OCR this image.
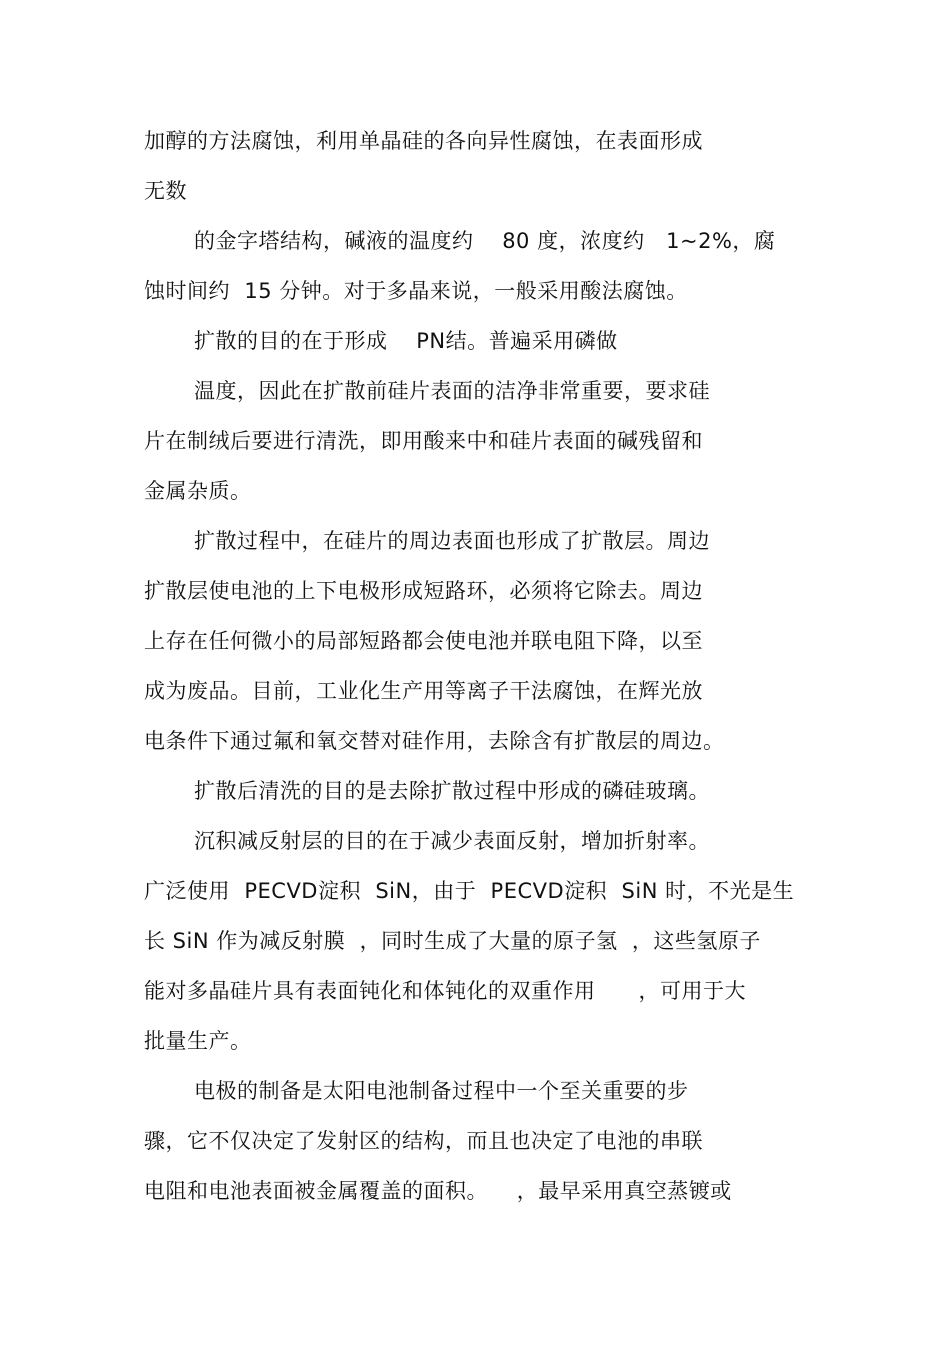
加醇的方法腐蚀，利用单晶硅的各向异性腐蚀，在表面形成

无数

的金字塔结构，碱液的温度约    80 度，浓度约   1~2%，腐

蚀时间约  15 分钟。对于多晶来说，一般采用酸法腐蚀。

扩散的目的在于形成    PN结。普遍采用磷做

温度，因此在扩散前硅片表面的洁净非常重要，要求硅

片在制绒后要进行清洗，即用酸来中和硅片表面的碱残留和

金属杂质。

扩散过程中，在硅片的周边表面也形成了扩散层。周边

扩散层使电池的上下电极形成短路环，必须将它除去。周边

上存在任何微小的局部短路都会使电池并联电阻下降，以至

成为废品。目前，工业化生产用等离子干法腐蚀，在辉光放

电条件下通过氟和氧交替对硅作用，去除含有扩散层的周边。

扩散后清洗的目的是去除扩散过程中形成的磷硅玻璃。

沉积减反射层的目的在于减少表面反射，增加折射率。

广泛使用  PECVD淀积  SiN，由于  PECVD淀积  SiN 时，不光是生

长 SiN 作为减反射膜  ，同时生成了大量的原子氢  ，这些氢原子

能对多晶硅片具有表面钝化和体钝化的双重作用      ，可用于大

批量生产。

电极的制备是太阳电池制备过程中一个至关重要的步

骤，它不仅决定了发射区的结构，而且也决定了电池的串联

电阻和电池表面被金属覆盖的面积。    ，最早采用真空蒸镀或
